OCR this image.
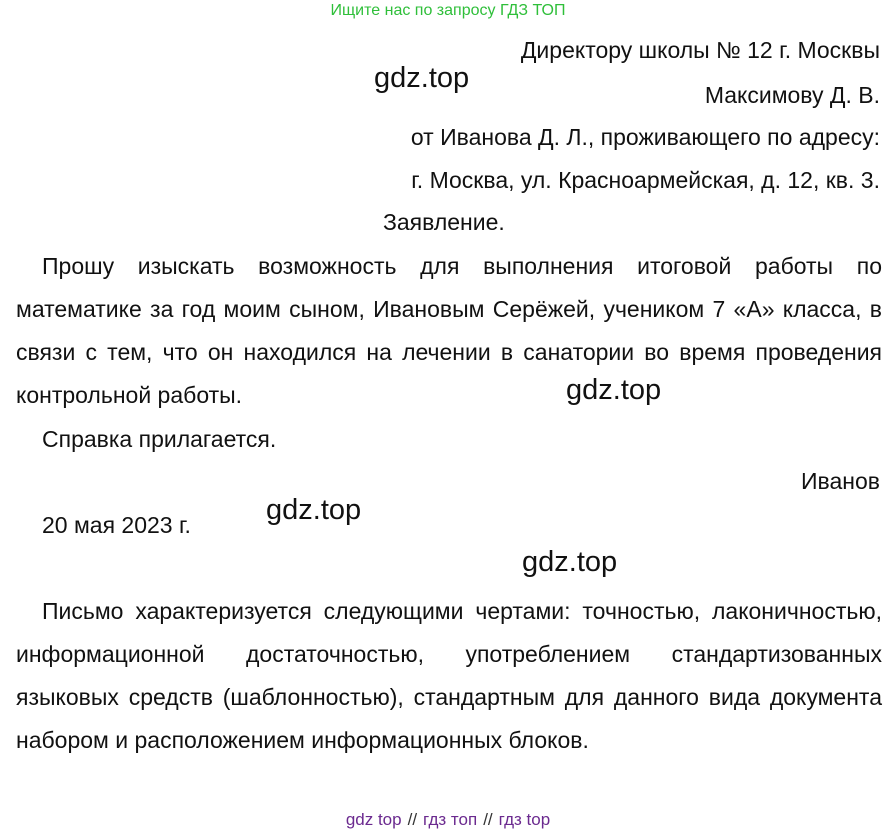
Ищите нас по запросу ГДЗ ТОП
Директору школы № 12 г. Москвы
Максимову Д. В.
от Иванова Д. Л., проживающего по адресу:
г. Москва, ул. Красноармейская, д. 12, кв. 3.
Заявление.
Прошу изыскать возможность для выполнения итоговой работы по математике за год моим сыном, Ивановым Серёжей, учеником 7 «А» класса, в связи с тем, что он находился на лечении в санатории во время проведения контрольной работы.
Справка прилагается.
Иванов
20 мая 2023 г.
Письмо характеризуется следующими чертами: точностью, лаконичностью, информационной достаточностью, употреблением стандартизованных языковых средств (шаблонностью), стандартным для данного вида документа набором и расположением информационных блоков.
gdz.top
gdz.top
gdz.top
gdz.top
gdz top // гдз топ // гдз top
